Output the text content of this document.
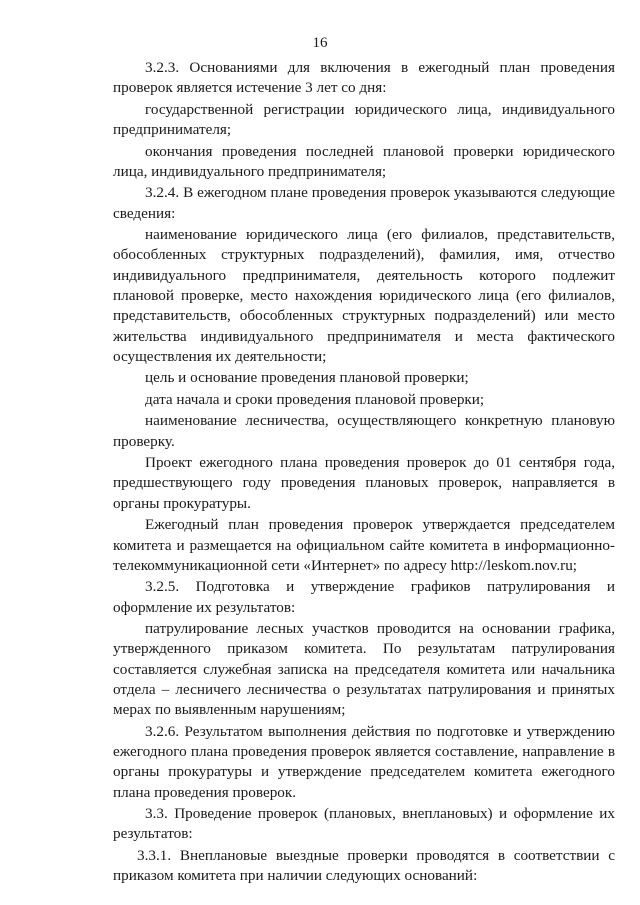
16

3.2.3. Основаниями для включения в ежегодный план проведения проверок является истечение 3 лет со дня:

государственной регистрации юридического лица, индивидуального предпринимателя;

окончания проведения последней плановой проверки юридического лица, индивидуального предпринимателя;

3.2.4. В ежегодном плане проведения проверок указываются следующие сведения:

наименование юридического лица (его филиалов, представительств, обособленных структурных подразделений), фамилия, имя, отчество индивидуального предпринимателя, деятельность которого подлежит плановой проверке, место нахождения юридического лица (его филиалов, представительств, обособленных структурных подразделений) или место жительства индивидуального предпринимателя и места фактического осуществления их деятельности;

цель и основание проведения плановой проверки;

дата начала и сроки проведения плановой проверки;

наименование лесничества, осуществляющего конкретную плановую проверку.

Проект ежегодного плана проведения проверок до 01 сентября года, предшествующего году проведения плановых проверок, направляется в органы прокуратуры.

Ежегодный план проведения проверок утверждается председателем комитета и размещается на официальном сайте комитета в информационно-телекоммуникационной сети «Интернет» по адресу http://leskom.nov.ru;

3.2.5. Подготовка и утверждение графиков патрулирования и оформление их результатов:

патрулирование лесных участков проводится на основании графика, утвержденного приказом комитета. По результатам патрулирования составляется служебная записка на председателя комитета или начальника отдела – лесничего лесничества о результатах патрулирования и принятых мерах по выявленным нарушениям;

3.2.6. Результатом выполнения действия по подготовке и утверждению ежегодного плана проведения проверок является составление, направление в органы прокуратуры и утверждение председателем комитета ежегодного плана проведения проверок.

3.3. Проведение проверок (плановых, внеплановых) и оформление их результатов:

3.3.1. Внеплановые выездные проверки проводятся в соответствии с приказом комитета при наличии следующих оснований:
